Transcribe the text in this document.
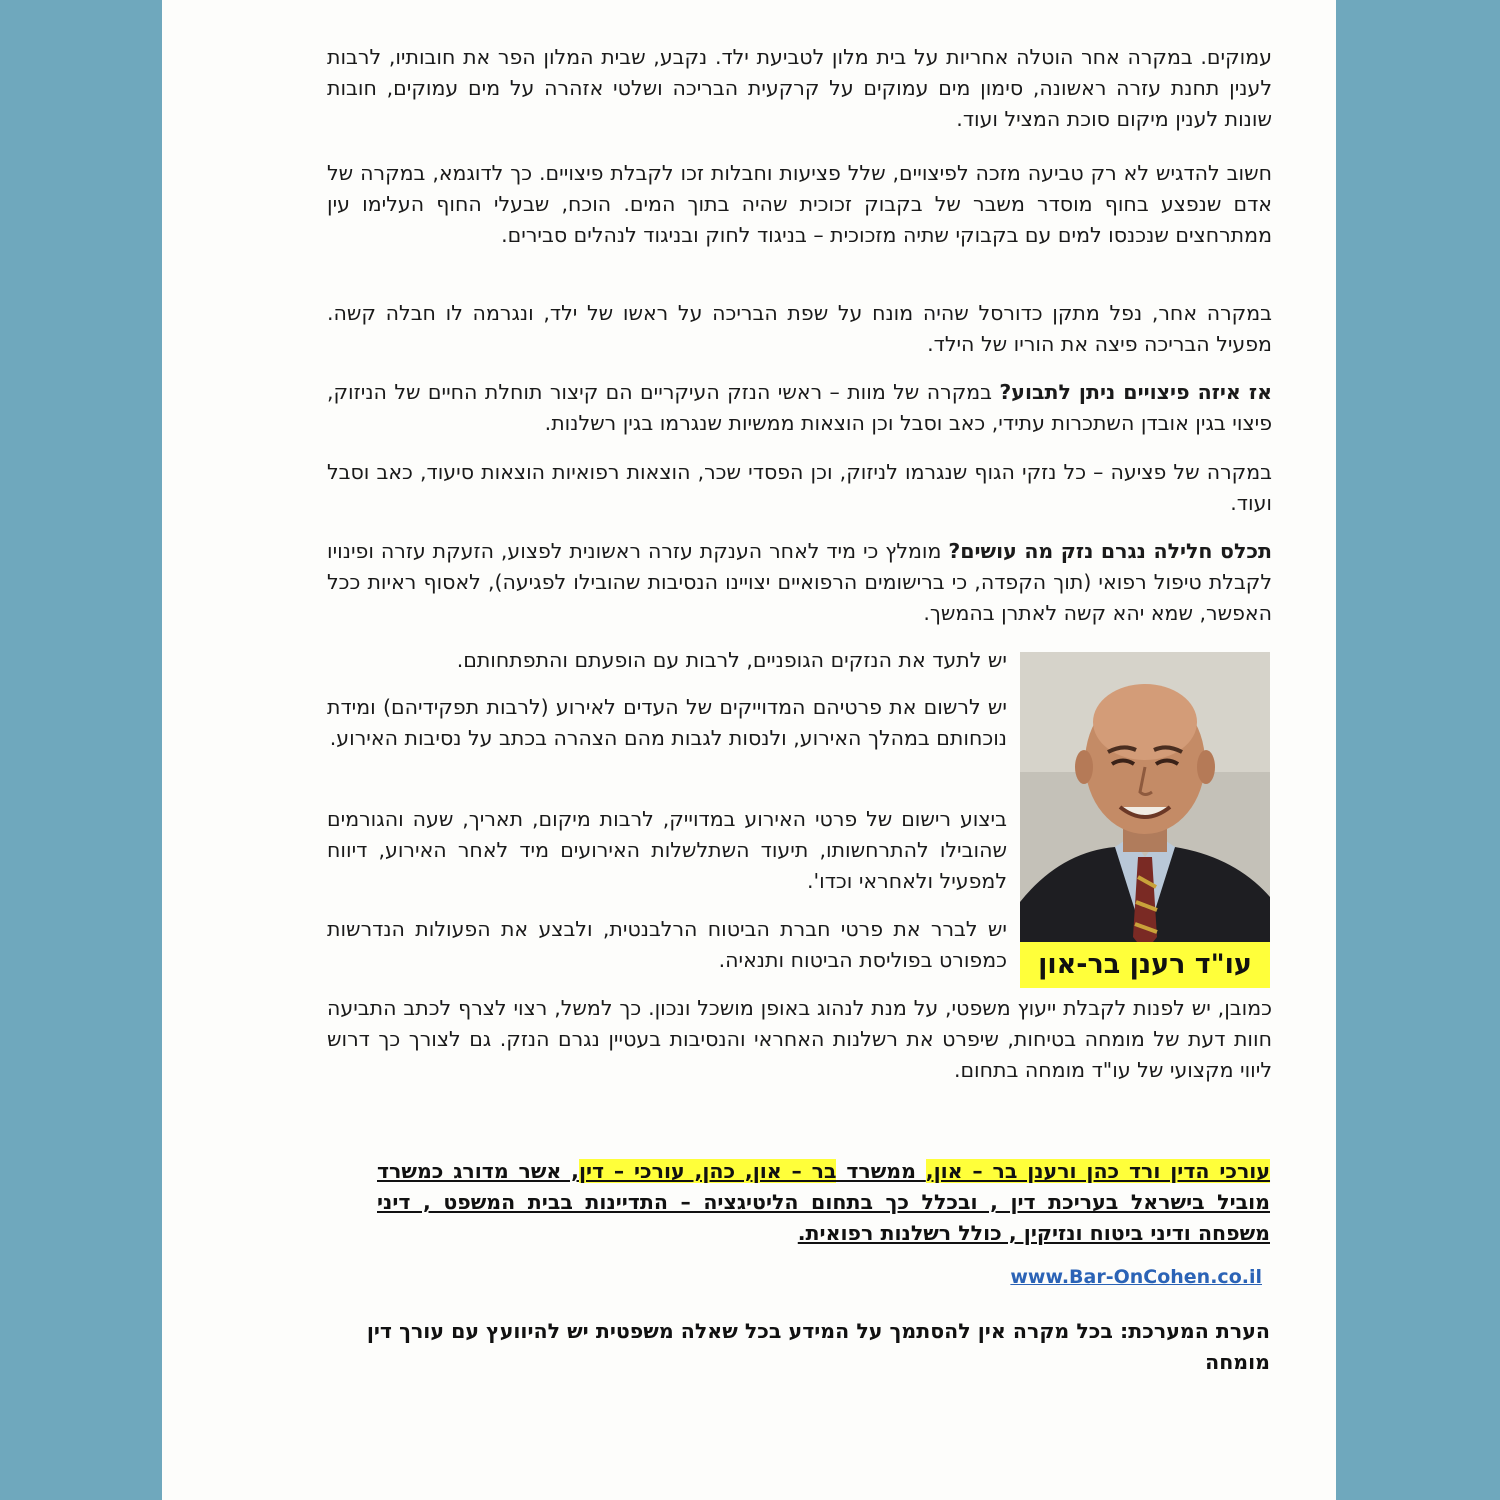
עמוקים. במקרה אחר הוטלה אחריות על בית מלון לטביעת ילד. נקבע, שבית המלון הפר את חובותיו, לרבות לענין תחנת עזרה ראשונה, סימון מים עמוקים על קרקעית הבריכה ושלטי אזהרה על מים עמוקים, חובות שונות לענין מיקום סוכת המציל ועוד.

חשוב להדגיש לא רק טביעה מזכה לפיצויים, שלל פציעות וחבלות זכו לקבלת פיצויים. כך לדוגמא, במקרה של אדם שנפצע בחוף מוסדר משבר של בקבוק זכוכית שהיה בתוך המים. הוכח, שבעלי החוף העלימו עין ממתרחצים שנכנסו למים עם בקבוקי שתיה מזכוכית – בניגוד לחוק ובניגוד לנהלים סבירים.

במקרה אחר, נפל מתקן כדורסל שהיה מונח על שפת הבריכה על ראשו של ילד, ונגרמה לו חבלה קשה. מפעיל הבריכה פיצה את הוריו של הילד.

אז איזה פיצויים ניתן לתבוע? במקרה של מוות – ראשי הנזק העיקריים הם קיצור תוחלת החיים של הניזוק, פיצוי בגין אובדן השתכרות עתידי, כאב וסבל וכן הוצאות ממשיות שנגרמו בגין רשלנות.

במקרה של פציעה – כל נזקי הגוף שנגרמו לניזוק, וכן הפסדי שכר, הוצאות רפואיות הוצאות סיעוד, כאב וסבל ועוד.

תכלס חלילה נגרם נזק מה עושים? מומלץ כי מיד לאחר הענקת עזרה ראשונית לפצוע, הזעקת עזרה ופינויו לקבלת טיפול רפואי (תוך הקפדה, כי ברישומים הרפואיים יצויינו הנסיבות שהובילו לפגיעה), לאסוף ראיות ככל האפשר, שמא יהא קשה לאתרן בהמשך.

יש לתעד את הנזקים הגופניים, לרבות עם הופעתם והתפתחותם.

יש לרשום את פרטיהם המדוייקים של העדים לאירוע (לרבות תפקידיהם) ומידת נוכחותם במהלך האירוע, ולנסות לגבות מהם הצהרה בכתב על נסיבות האירוע.

ביצוע רישום של פרטי האירוע במדוייק, לרבות מיקום, תאריך, שעה והגורמים שהובילו להתרחשותו, תיעוד השתלשלות האירועים מיד לאחר האירוע, דיווח למפעיל ולאחראי וכדו'.

יש לברר את פרטי חברת הביטוח הרלבנטית, ולבצע את הפעולות הנדרשות כמפורט בפוליסת הביטוח ותנאיה.

כמובן, יש לפנות לקבלת ייעוץ משפטי, על מנת לנהוג באופן מושכל ונכון. כך למשל, רצוי לצרף לכתב התביעה חוות דעת של מומחה בטיחות, שיפרט את רשלנות האחראי והנסיבות בעטיין נגרם הנזק. גם לצורך כך דרוש ליווי מקצועי של עו"ד מומחה בתחום.

עו"ד רענן בר-און

עורכי הדין ורד כהן ורענן בר – און, ממשרד בר – און, כהן, עורכי – דין, אשר מדורג כמשרד מוביל בישראל בעריכת דין , ובכלל כך בתחום הליטיגציה – התדיינות בבית המשפט , דיני משפחה ודיני ביטוח ונזיקין , כולל רשלנות רפואית.

www.Bar-OnCohen.co.il

הערת המערכת: בכל מקרה אין להסתמך על המידע בכל שאלה משפטית יש להיוועץ עם עורך דין מומחה
